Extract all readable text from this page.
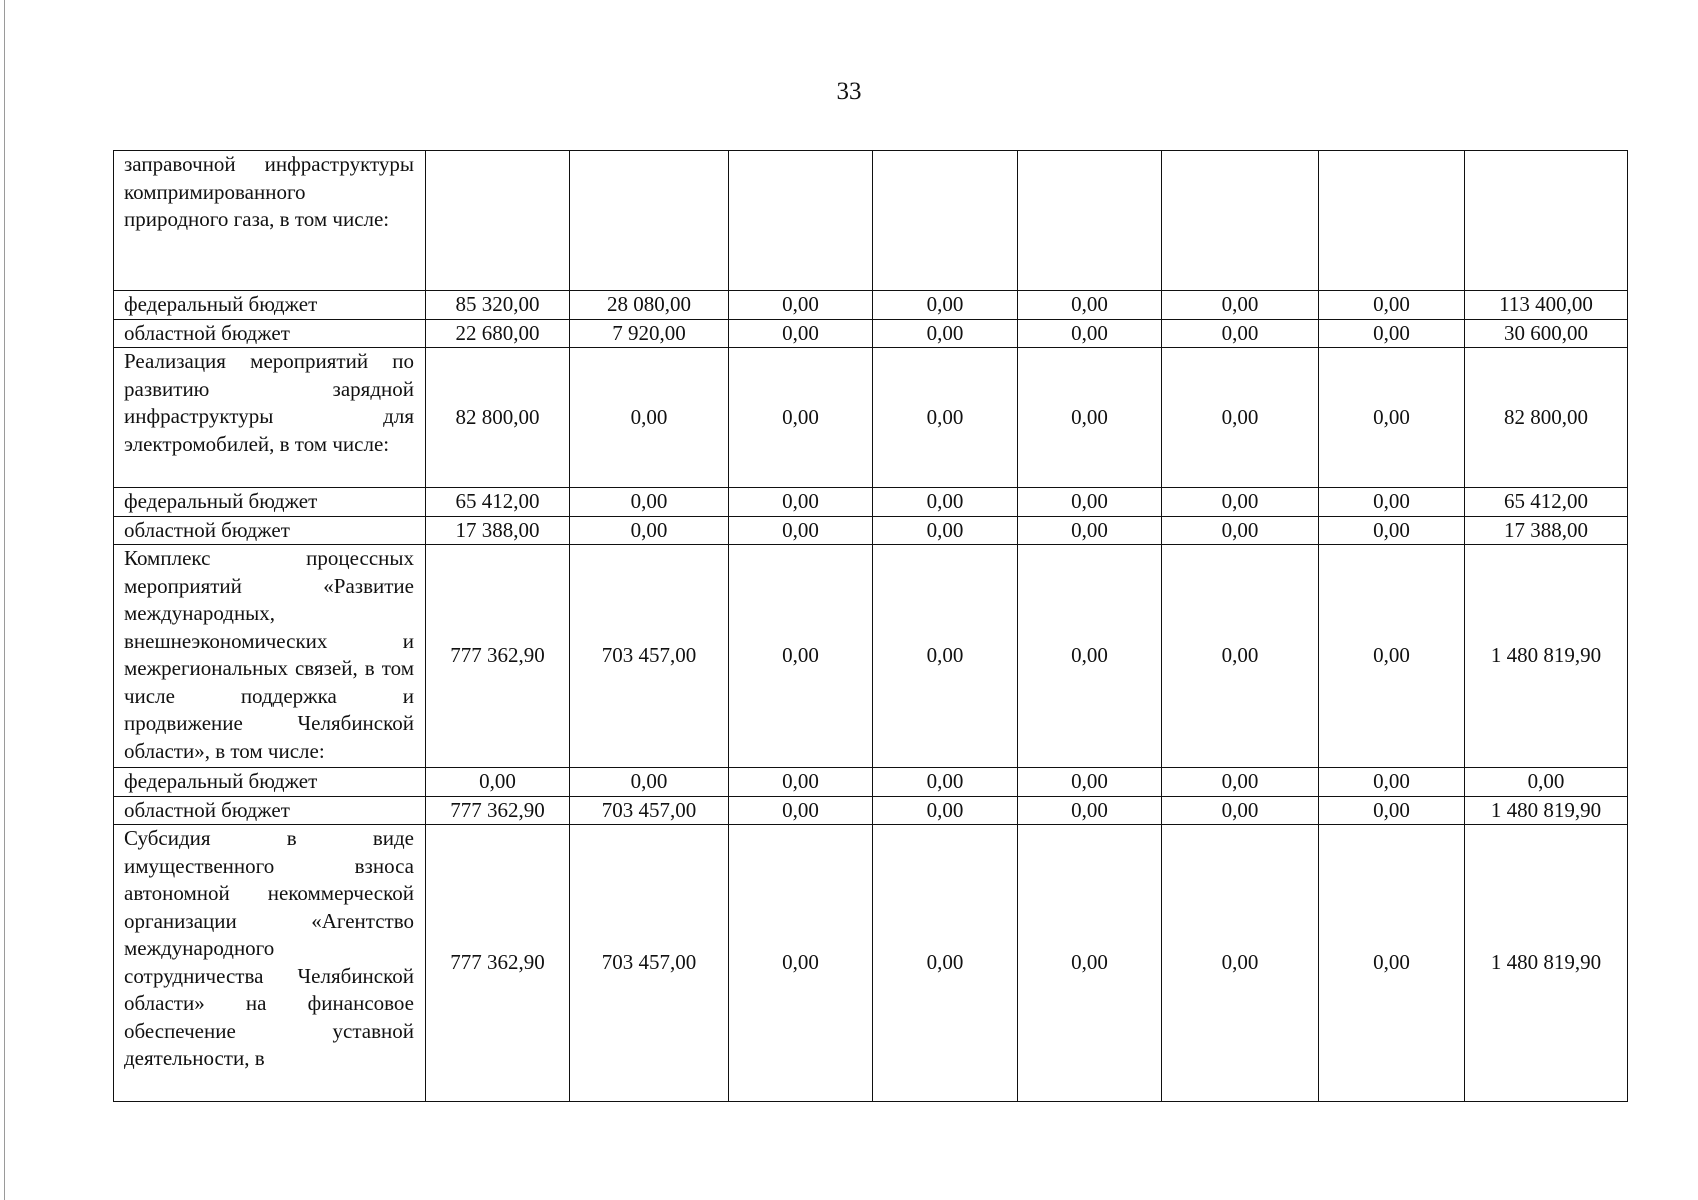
33
заправочной инфраструктуры компримированного природного газа, в том числе:								

федеральный бюджет	85 320,00	28 080,00	0,00	0,00	0,00	0,00	0,00	113 400,00

областной бюджет	22 680,00	7 920,00	0,00	0,00	0,00	0,00	0,00	30 600,00

Реализация мероприятий по развитию зарядной инфраструктуры для электромобилей, в том числе:	82 800,00	0,00	0,00	0,00	0,00	0,00	0,00	82 800,00

федеральный бюджет	65 412,00	0,00	0,00	0,00	0,00	0,00	0,00	65 412,00

областной бюджет	17 388,00	0,00	0,00	0,00	0,00	0,00	0,00	17 388,00

Комплекс процессных мероприятий «Развитие международных, внешнеэкономических и межрегиональных связей, в том числе поддержка и продвижение Челябинской области», в том числе:	777 362,90	703 457,00	0,00	0,00	0,00	0,00	0,00	1 480 819,90

федеральный бюджет	0,00	0,00	0,00	0,00	0,00	0,00	0,00	0,00

областной бюджет	777 362,90	703 457,00	0,00	0,00	0,00	0,00	0,00	1 480 819,90

Субсидия в виде имущественного взноса автономной некоммерческой организации «Агентство международного сотрудничества Челябинской области» на финансовое обеспечение уставной деятельности, в	777 362,90	703 457,00	0,00	0,00	0,00	0,00	0,00	1 480 819,90
